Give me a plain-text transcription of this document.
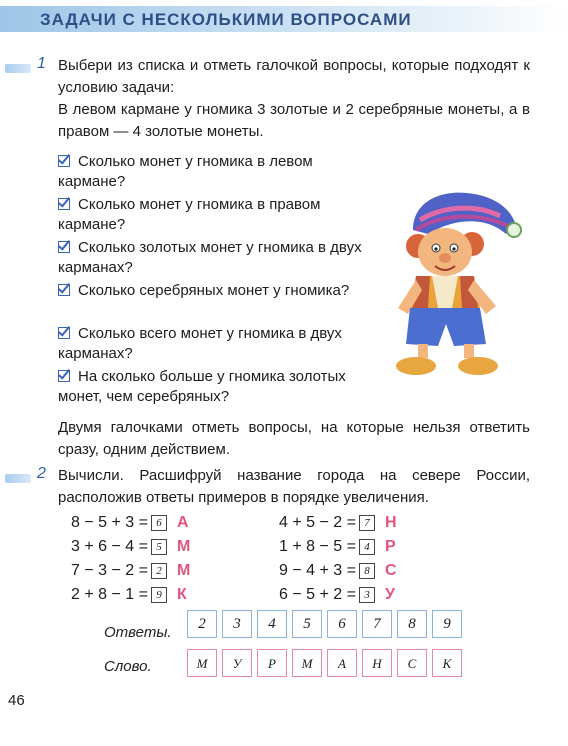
ЗАДАЧИ С НЕСКОЛЬКИМИ ВОПРОСАМИ
1 Выбери из списка и отметь галочкой вопросы, которые подходят к условию задачи:
В левом кармане у гномика 3 золотые и 2 серебряные монеты, а в правом — 4 золотые монеты.
Сколько монет у гномика в левом кармане?
Сколько монет у гномика в правом кармане?
Сколько золотых монет у гномика в двух карманах?
Сколько серебряных монет у гномика?
Сколько всего монет у гномика в двух карманах?
На сколько больше у гномика золотых монет, чем серебряных?
Двумя галочками отметь вопросы, на которые нельзя ответить сразу, одним действием.
2 Вычисли. Расшифруй название города на севере России, расположив ответы примеров в порядке увеличения.
8 − 5 + 3 = 6 А
3 + 6 − 4 = 5 М
7 − 3 − 2 = 2 М
2 + 8 − 1 = 9 К
4 + 5 − 2 = 7 Н
1 + 8 − 5 = 4 Р
9 − 4 + 3 = 8 С
6 − 5 + 2 = 3 У
Ответы.	2	3	4	5	6	7	8	9
Слово.	М	У	Р	М	А	Н	С	К
46
